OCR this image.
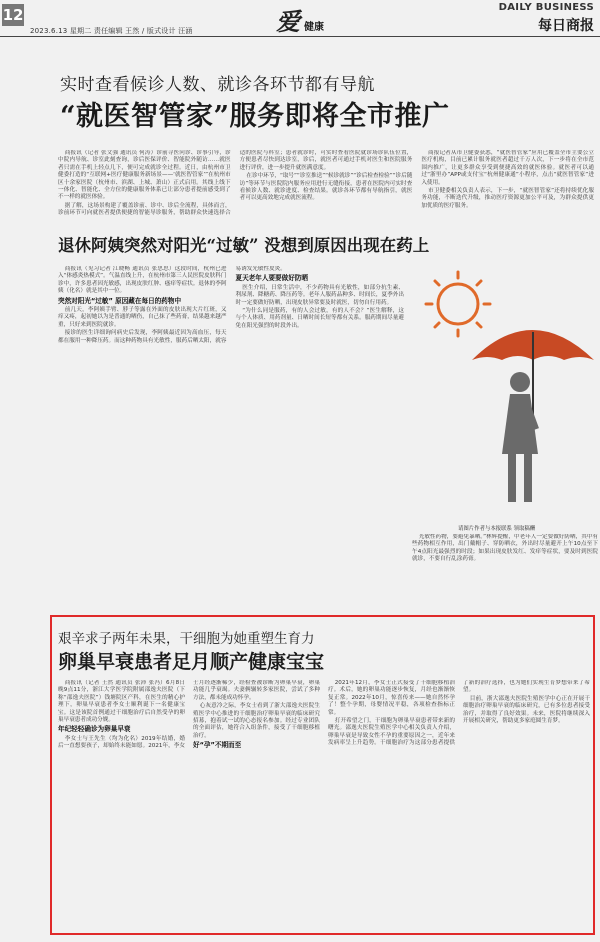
12
2023.6.13 星期二 责任编辑 王然 / 版式设计 汪涵	爱 健康
DAILY BUSINESS
每日商报
实时查看候诊人数、就诊各环节都有导航
“就医智管家”服务即将全市推广

商报讯（记者 张文强 通讯员 何涛）诊前寻医问诊、诊事引导，诊中院内导航、诊室此刻查询，诊后医保评价、智能院外随访……就医者只需在手机上轻点几下，便可完成就诊全过程。近日，由杭州市卫健委打造的“互联网+医疗健康服务新场景——‘就医智管家’”在杭州市区十余家医院（杭州市、滨湖、上城、萧山）正式启用。其线上线下一体化、智能化、全方位的健康服务体系已让部分患者提前感受到了不一样的就医体验。

据了解，这场景构建了覆盖诊前、诊中、诊后全流程，具体而言，诊前环节可向就医者提供便捷的智能导诊服务，帮助群众快速选择合适的医院与科室；患者就诊时，可实时查看医院就诊场诊队伍位置，方便患者尽快到达诊室，诊后，就医者可通过手机对医生和医院服务进行评价，进一步提升就医满意度。

在诊中环节，“取号”“诊室推送”“候诊就诊”“诊后检查检验”“诊后随访”等环节与医院院内服务应用进行无缝衔接，患者在医院内可实时查看候诊人数、就诊进度、检查结果。就诊各环节都有导航指引，就医者可以更高效地完成就医流程。

商报记者从市卫健委获悉，“就医智管家”应用已覆盖全市主要公立医疗机构，目前已累计服务就医者超过千万人次，下一步将在全市范围内推广，让更多群众享受到便捷高效的就医体验。就医者可以通过“浙里办”APP或支付宝“杭州健康通”小程序，点击“就医智管家”进入使用。

市卫健委相关负责人表示，下一步，“就医智管家”还将持续优化服务功能，不断迭代升级，推动医疗资源更加公平可及，为群众提供更加优质的医疗服务。

退休阿姨突然对阳光“过敏” 没想到原因出现在药上

商报讯（见习记者 江晓畅 通讯员 张思思）这段时间，杭州已进入“体感炎热模式”。气温直线上升，在杭州市第三人民医院皮肤科门诊中，许多患者因光敏感，出现皮肤红肿、瘙痒等症状。退休的李阿姨（化名）就是其中一位。

突然对阳光“过敏” 原因藏在每日的药物中

前几天，李阿姨手臂、脖子等露在外面的皮肤出现大片红斑，又痒又疼，起初她以为是普通的晒伤，自己抹了些药膏，结果越来越严重，只好来到医院就诊。

接诊的医生详细询问病史后发现，李阿姨最近因为高血压，每天都在服用一种降压药。而这种药物具有光敏性，服药后晒太阳，就容易诱发光敏性皮炎。

夏天老年人要要做好防晒

医生介绍，日常生活中，不少药物具有光敏性，如部分抗生素、利尿剂、降糖药、降压药等。老年人服药品种多、时间长，夏季外出时一定要做好防晒，出现皮肤异常要及时就医，切勿自行用药。

“为什么同是服药，有的人会过敏，有的人不会？”医生解释，这与个人体质、用药剂量、日晒时间长短等都有关系。服药期间尽量避免在阳光强烈的时段外出。

请图片作者与本报联系 领取稿酬

光敏性药物，要避免暴晒。”林辉提醒，中老年人一定要做好防晒，其中有些药物相互作用，出门戴帽子、穿防晒衣，外出时尽量避开上午10点至下午4点阳光最强烈的时段；如果出现皮肤发红、发痒等症状，要及时到医院就诊，不要自行乱涂药膏。

艰辛求子两年未果，干细胞为她重塑生育力
卵巢早衰患者足月顺产健康宝宝

商报讯（记者 王然 通讯员 张沛 张冯）6月8日晚9点11分，浙江大学医学院附属邵逸夫医院（下称“邵逸夫医院”）钱塘院区产科，在医生的精心护理下，卵巢早衰患者李女士顺利诞下一名健康宝宝。这是该院首例通过干细胞治疗后自然受孕的卵巢早衰患者成功分娩。

年纪轻轻确诊为卵巢早衰

李女士与王先生（均为化名）2019年结婚，婚后一直想要孩子，却始终未能如愿。2021年，李女士月经逐渐稀少，经检查被诊断为卵巢早衰，卵巢功能几乎衰竭。夫妻俩辗转多家医院，尝试了多种方法，都未能成功怀孕。

心灰意冷之际，李女士看到了浙大邵逸夫医院生殖医学中心推进的干细胞治疗卵巢早衰的临床研究招募，抱着试一试的心态报名参加。经过专业团队的全面评估，她符合入组条件，接受了干细胞移植治疗。

好“孕”不期而至

2021年12月，李女士正式接受了干细胞移植治疗。术后，她的卵巢功能逐步恢复，月经也渐渐恢复正常。2022年10月，惊喜传来——她自然怀孕了！整个孕期，母婴情况平稳，各项检查指标正常。

打开希望之门，干细胞为卵巢早衰患者带来新的曙光。邵逸夫医院生殖医学中心相关负责人介绍，卵巢早衰是导致女性不孕的重要原因之一，近年来发病率呈上升趋势。干细胞治疗为这部分患者提供了新的治疗选择，也为她们实现生育梦想带来了希望。

目前，浙大邵逸夫医院生殖医学中心正在开展干细胞治疗卵巢早衰的临床研究，已有多位患者接受治疗，并取得了良好效果。未来，医院将继续深入开展相关研究，帮助更多家庭圆生育梦。
